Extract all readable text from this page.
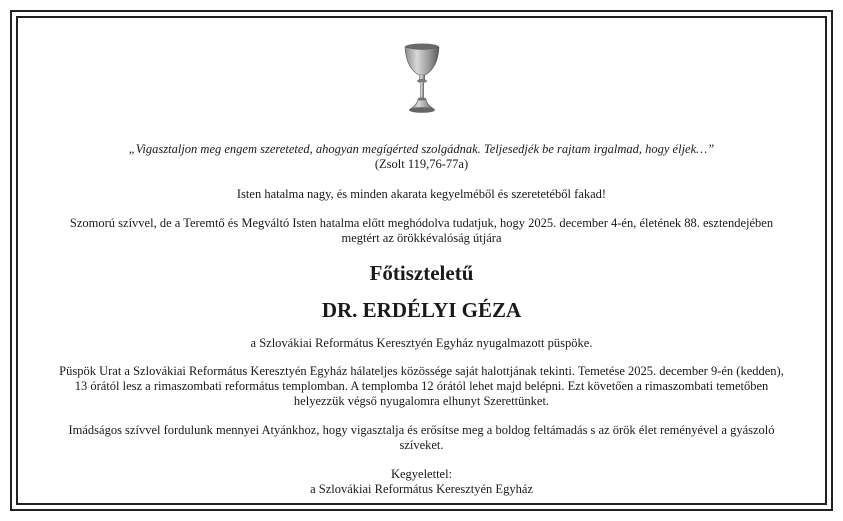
„Vigasztaljon meg engem szereteted, ahogyan megígérted szolgádnak. Teljesedjék be rajtam irgalmad, hogy éljek…”

(Zsolt 119,76-77a)

Isten hatalma nagy, és minden akarata kegyelméből és szeretetéből fakad!

Szomorú szívvel, de a Teremtő és Megváltó Isten hatalma előtt meghódolva tudatjuk, hogy 2025. december 4-én, életének 88. esztendejében megtért az örökkévalóság útjára

Főtiszteletű

DR. ERDÉLYI GÉZA

a Szlovákiai Református Keresztyén Egyház nyugalmazott püspöke.

Püspök Urat a Szlovákiai Református Keresztyén Egyház hálateljes közössége saját halottjának tekinti. Temetése 2025. december 9-én (kedden), 13 órától lesz a rimaszombati református templomban. A templomba 12 órától lehet majd belépni. Ezt követően a rimaszombati temetőben helyezzük végső nyugalomra elhunyt Szerettünket.

Imádságos szívvel fordulunk mennyei Atyánkhoz, hogy vigasztalja és erősítse meg a boldog feltámadás s az örök élet reményével a gyászoló szíveket.

Kegyelettel:

a Szlovákiai Református Keresztyén Egyház
